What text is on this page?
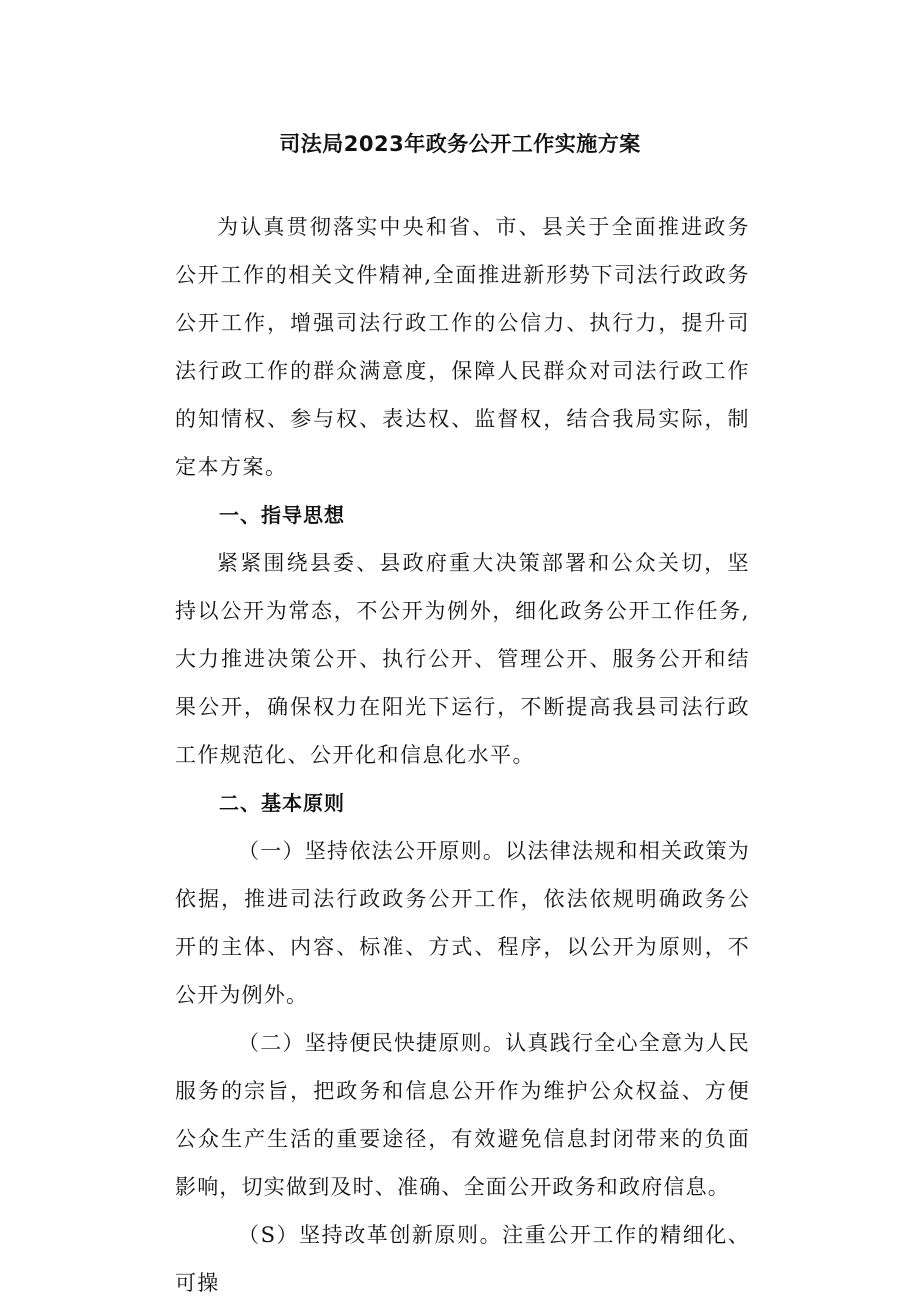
司法局2023年政务公开工作实施方案

为认真贯彻落实中央和省、市、县关于全面推进政务公开工作的相关文件精神,全面推进新形势下司法行政政务公开工作，增强司法行政工作的公信力、执行力，提升司法行政工作的群众满意度，保障人民群众对司法行政工作的知情权、参与权、表达权、监督权，结合我局实际，制定本方案。

一、指导思想

紧紧围绕县委、县政府重大决策部署和公众关切，坚持以公开为常态，不公开为例外，细化政务公开工作任务,大力推进决策公开、执行公开、管理公开、服务公开和结果公开，确保权力在阳光下运行，不断提高我县司法行政工作规范化、公开化和信息化水平。

二、基本原则

（一）坚持依法公开原则。以法律法规和相关政策为依据，推进司法行政政务公开工作，依法依规明确政务公开的主体、内容、标准、方式、程序，以公开为原则，不公开为例外。

（二）坚持便民快捷原则。认真践行全心全意为人民服务的宗旨，把政务和信息公开作为维护公众权益、方便公众生产生活的重要途径，有效避免信息封闭带来的负面影响，切实做到及时、准确、全面公开政务和政府信息。

（S）坚持改革创新原则。注重公开工作的精细化、可操
